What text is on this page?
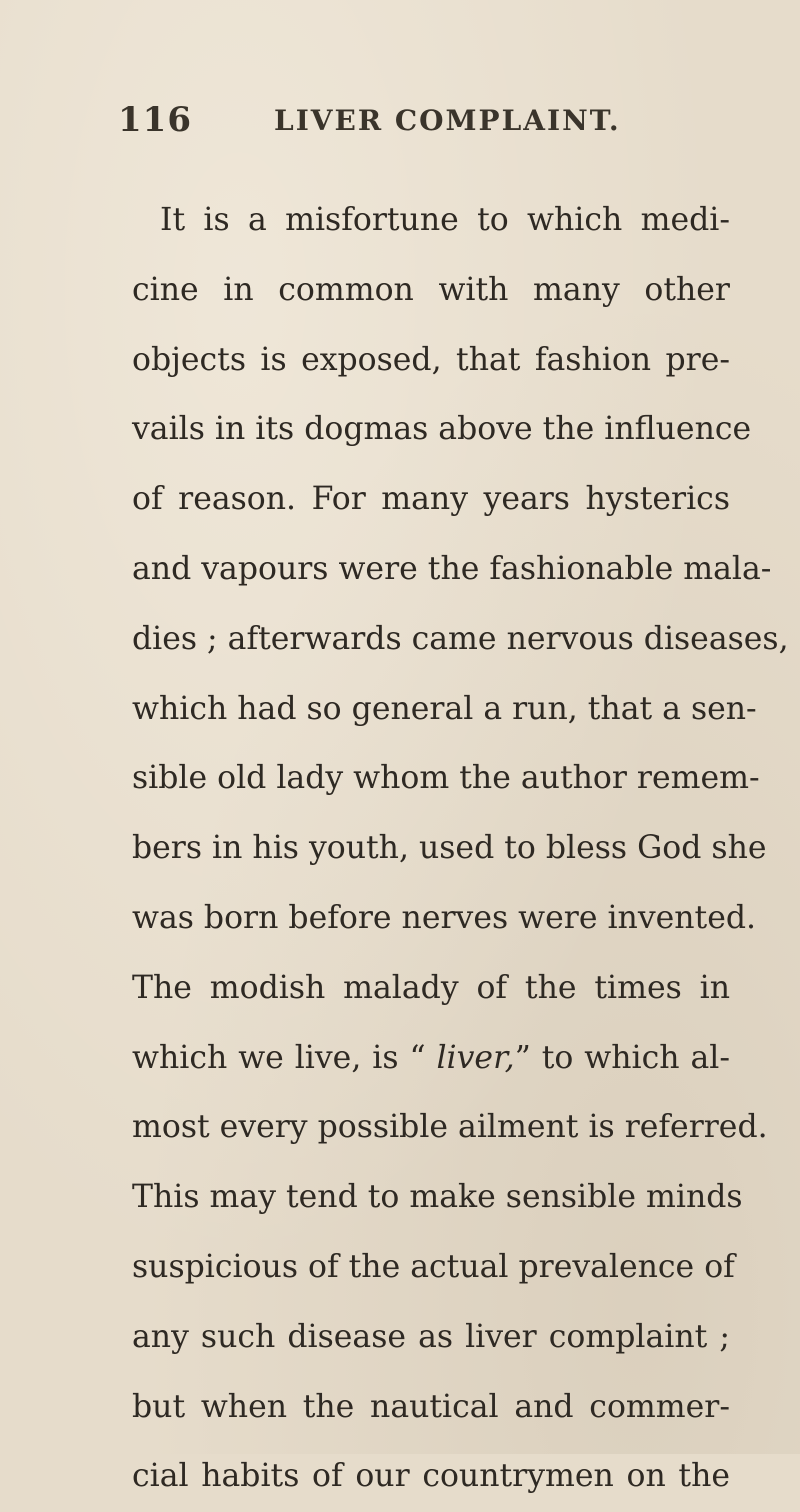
116	LIVER COMPLAINT.
It is a misfortune to which medi-
cine in common with many other
objects is exposed, that fashion pre-
vails in its dogmas above the influence
of reason. For many years hysterics
and vapours were the fashionable mala-
dies ; afterwards came nervous diseases,
which had so general a run, that a sen-
sible old lady whom the author remem-
bers in his youth, used to bless God she
was born before nerves were invented.
The modish malady of the times in
which we live, is “ liver,” to which al-
most every possible ailment is referred.
This may tend to make sensible minds
suspicious of the actual prevalence of
any such disease as liver complaint ;
but when the nautical and commer-
cial habits of our countrymen on the
